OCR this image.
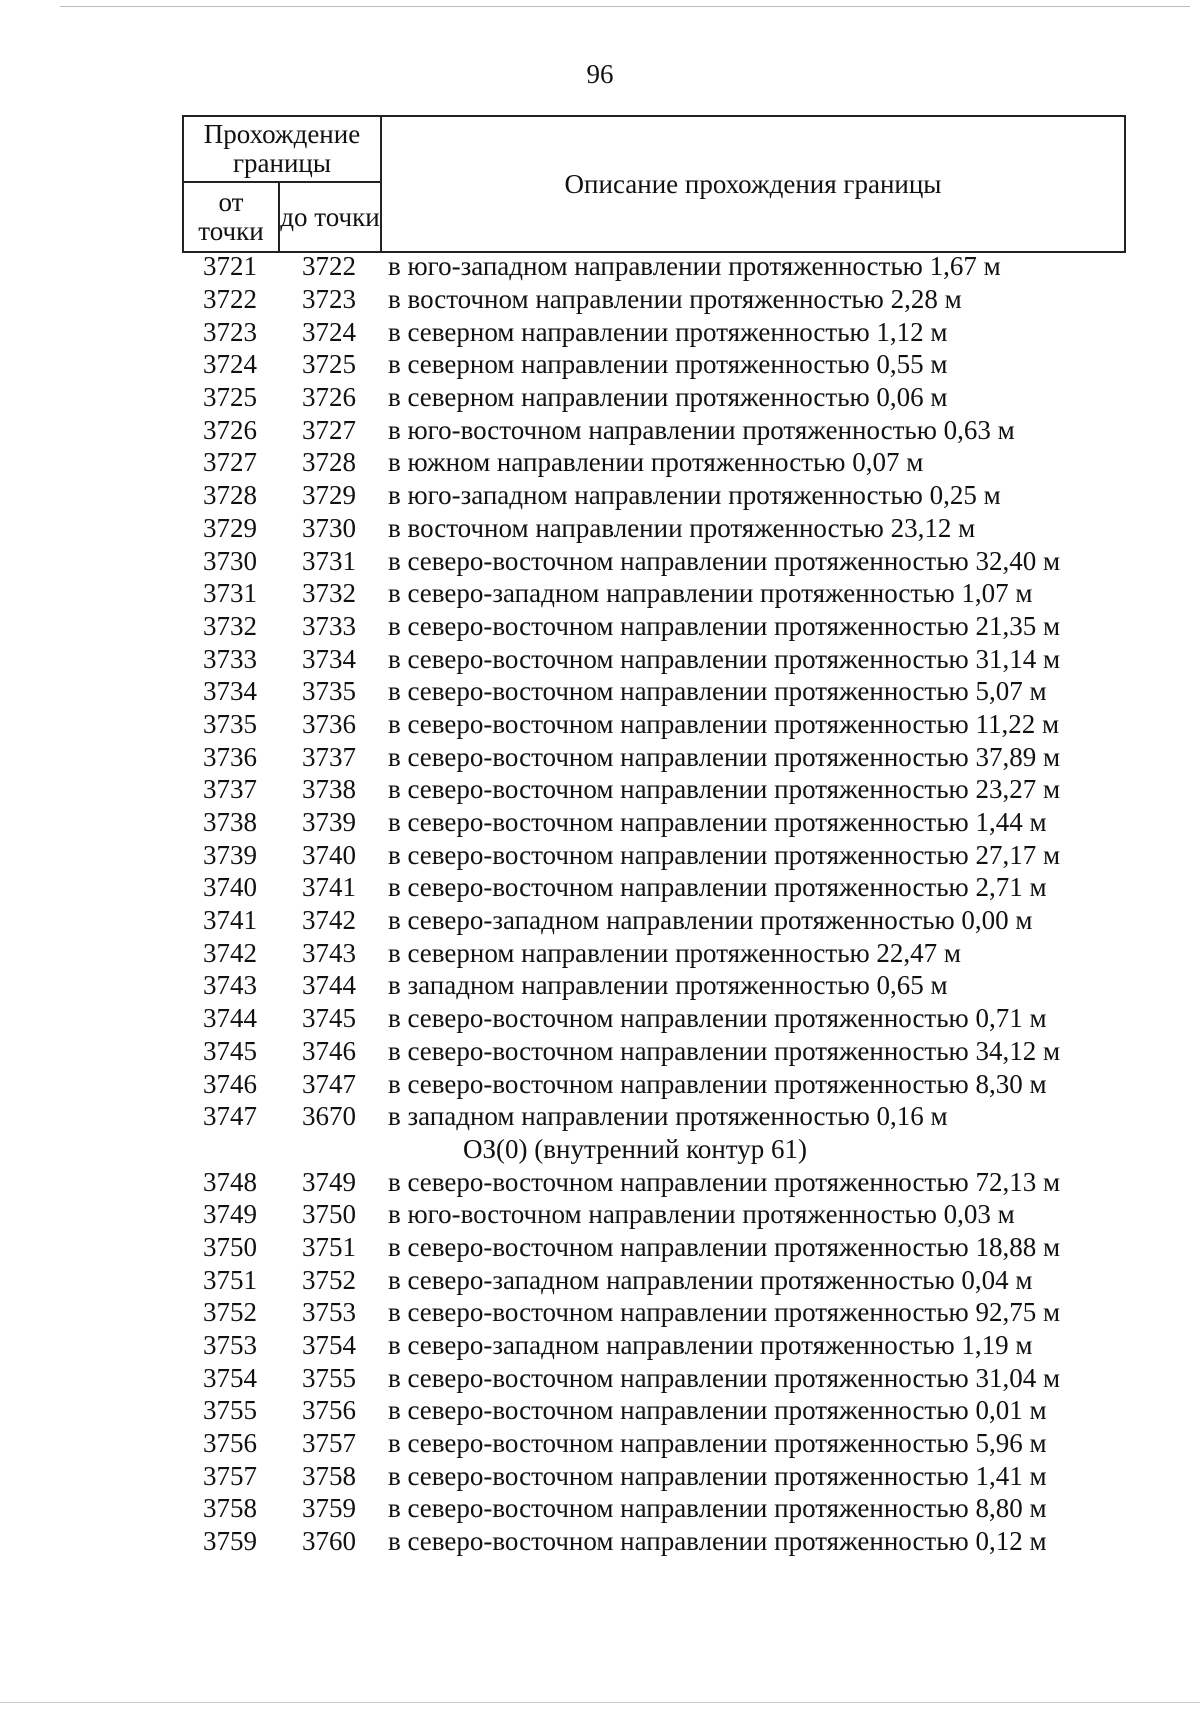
96
Прохождение границы		Описание прохождения границы
от точки	до точки	
3721	3722	в юго-западном направлении протяженностью 1,67 м
3722	3723	в восточном направлении протяженностью 2,28 м
3723	3724	в северном направлении протяженностью 1,12 м
3724	3725	в северном направлении протяженностью 0,55 м
3725	3726	в северном направлении протяженностью 0,06 м
3726	3727	в юго-восточном направлении протяженностью 0,63 м
3727	3728	в южном направлении протяженностью 0,07 м
3728	3729	в юго-западном направлении протяженностью 0,25 м
3729	3730	в восточном направлении протяженностью 23,12 м
3730	3731	в северо-восточном направлении протяженностью 32,40 м
3731	3732	в северо-западном направлении протяженностью 1,07 м
3732	3733	в северо-восточном направлении протяженностью 21,35 м
3733	3734	в северо-восточном направлении протяженностью 31,14 м
3734	3735	в северо-восточном направлении протяженностью 5,07 м
3735	3736	в северо-восточном направлении протяженностью 11,22 м
3736	3737	в северо-восточном направлении протяженностью 37,89 м
3737	3738	в северо-восточном направлении протяженностью 23,27 м
3738	3739	в северо-восточном направлении протяженностью 1,44 м
3739	3740	в северо-восточном направлении протяженностью 27,17 м
3740	3741	в северо-восточном направлении протяженностью 2,71 м
3741	3742	в северо-западном направлении протяженностью 0,00 м
3742	3743	в северном направлении протяженностью 22,47 м
3743	3744	в западном направлении протяженностью 0,65 м
3744	3745	в северо-восточном направлении протяженностью 0,71 м
3745	3746	в северо-восточном направлении протяженностью 34,12 м
3746	3747	в северо-восточном направлении протяженностью 8,30 м
3747	3670	в западном направлении протяженностью 0,16 м
ОЗ(0) (внутренний контур 61)
3748	3749	в северо-восточном направлении протяженностью 72,13 м
3749	3750	в юго-восточном направлении протяженностью 0,03 м
3750	3751	в северо-восточном направлении протяженностью 18,88 м
3751	3752	в северо-западном направлении протяженностью 0,04 м
3752	3753	в северо-восточном направлении протяженностью 92,75 м
3753	3754	в северо-западном направлении протяженностью 1,19 м
3754	3755	в северо-восточном направлении протяженностью 31,04 м
3755	3756	в северо-восточном направлении протяженностью 0,01 м
3756	3757	в северо-восточном направлении протяженностью 5,96 м
3757	3758	в северо-восточном направлении протяженностью 1,41 м
3758	3759	в северо-восточном направлении протяженностью 8,80 м
3759	3760	в северо-восточном направлении протяженностью 0,12 м
